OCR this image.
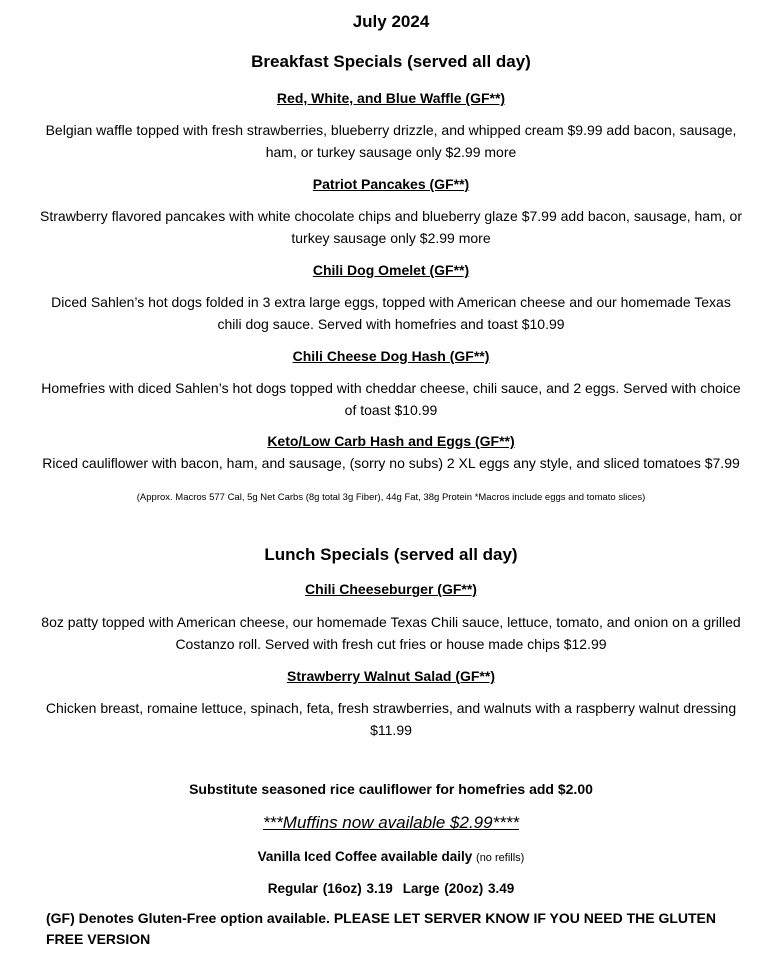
July 2024
Breakfast Specials (served all day)
Red, White, and Blue Waffle (GF**)
Belgian waffle topped with fresh strawberries, blueberry drizzle, and whipped cream $9.99 add bacon, sausage, ham, or turkey sausage only $2.99 more
Patriot Pancakes (GF**)
Strawberry flavored pancakes with white chocolate chips and blueberry glaze $7.99 add bacon, sausage, ham, or turkey sausage only $2.99 more
Chili Dog Omelet (GF**)
Diced Sahlen’s hot dogs folded in 3 extra large eggs, topped with American cheese and our homemade Texas chili dog sauce. Served with homefries and toast $10.99
Chili Cheese Dog Hash (GF**)
Homefries with diced Sahlen’s hot dogs topped with cheddar cheese, chili sauce, and 2 eggs. Served with choice of toast $10.99
Keto/Low Carb Hash and Eggs (GF**)
Riced cauliflower with bacon, ham, and sausage, (sorry no subs) 2 XL eggs any style, and sliced tomatoes $7.99
(Approx. Macros 577 Cal, 5g Net Carbs (8g total 3g Fiber), 44g Fat, 38g Protein *Macros include eggs and tomato slices)
Lunch Specials (served all day)
Chili Cheeseburger (GF**)
8oz patty topped with American cheese, our homemade Texas Chili sauce, lettuce, tomato, and onion on a grilled Costanzo roll. Served with fresh cut fries or house made chips $12.99
Strawberry Walnut Salad (GF**)
Chicken breast, romaine lettuce, spinach, feta, fresh strawberries, and walnuts with a raspberry walnut dressing $11.99
Substitute seasoned rice cauliflower for homefries add $2.00
***Muffins now available $2.99****
Vanilla Iced Coffee available daily (no refills)
Regular (16oz) 3.19 Large (20oz) 3.49
(GF) Denotes Gluten-Free option available. PLEASE LET SERVER KNOW IF YOU NEED THE GLUTEN FREE VERSION
